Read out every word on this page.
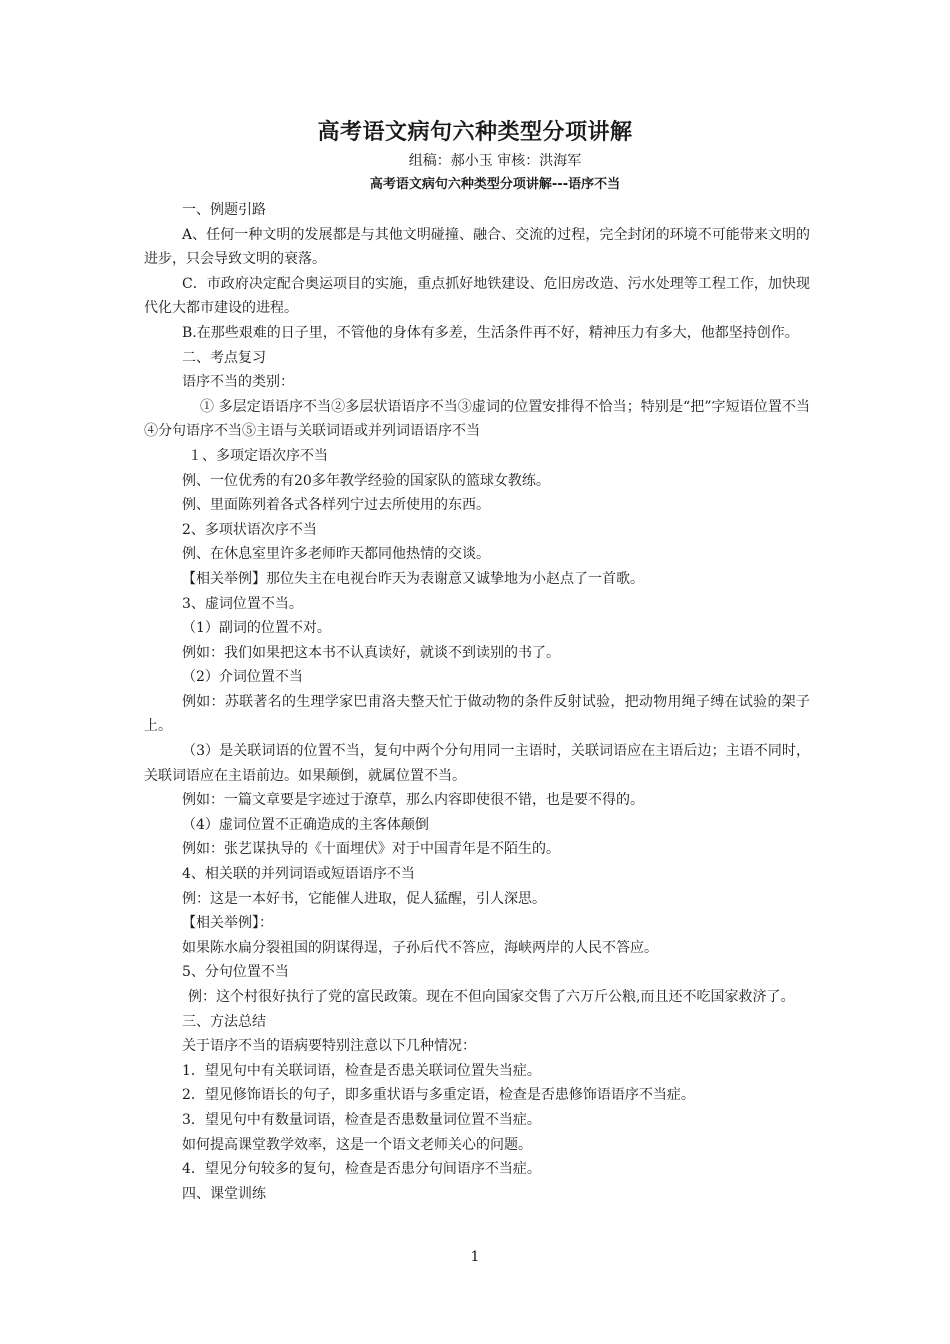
高考语文病句六种类型分项讲解
组稿：郝小玉 审核：洪海军
高考语文病句六种类型分项讲解---语序不当

一、例题引路

A、任何一种文明的发展都是与其他文明碰撞、融合、交流的过程，完全封闭的环境不可能带来文明的进步，只会导致文明的衰落。

C．市政府决定配合奥运项目的实施，重点抓好地铁建设、危旧房改造、污水处理等工程工作，加快现代化大都市建设的进程。

B.在那些艰难的日子里，不管他的身体有多差，生活条件再不好，精神压力有多大，他都坚持创作。

二、考点复习

语序不当的类别：

① 多层定语语序不当②多层状语语序不当③虚词的位置安排得不恰当；特别是“把”字短语位置不当④分句语序不当⑤主语与关联词语或并列词语语序不当

１、多项定语次序不当

例、一位优秀的有20多年教学经验的国家队的篮球女教练。

例、里面陈列着各式各样列宁过去所使用的东西。

2、多项状语次序不当

例、在休息室里许多老师昨天都同他热情的交谈。

【相关举例】那位失主在电视台昨天为表谢意又诚挚地为小赵点了一首歌。

3、虚词位置不当。

（1）副词的位置不对。

例如：我们如果把这本书不认真读好，就谈不到读别的书了。

（2）介词位置不当

例如：苏联著名的生理学家巴甫洛夫整天忙于做动物的条件反射试验，把动物用绳子缚在试验的架子上。

（3）是关联词语的位置不当，复句中两个分句用同一主语时，关联词语应在主语后边；主语不同时，关联词语应在主语前边。如果颠倒，就属位置不当。

例如：一篇文章要是字迹过于潦草，那么内容即使很不错，也是要不得的。

（4）虚词位置不正确造成的主客体颠倒

例如：张艺谋执导的《十面埋伏》对于中国青年是不陌生的。

4、相关联的并列词语或短语语序不当

例：这是一本好书，它能催人进取，促人猛醒，引人深思。

【相关举例】：

如果陈水扁分裂祖国的阴谋得逞，子孙后代不答应，海峡两岸的人民不答应。

5、分句位置不当

例：这个村很好执行了党的富民政策。现在不但向国家交售了六万斤公粮,而且还不吃国家救济了。

三、方法总结

关于语序不当的语病要特别注意以下几种情况：

1．望见句中有关联词语，检查是否患关联词位置失当症。

2．望见修饰语长的句子，即多重状语与多重定语，检查是否患修饰语语序不当症。

3．望见句中有数量词语，检查是否患数量词位置不当症。

如何提高课堂教学效率，这是一个语文老师关心的问题。

4．望见分句较多的复句，检查是否患分句间语序不当症。

四、课堂训练

1
